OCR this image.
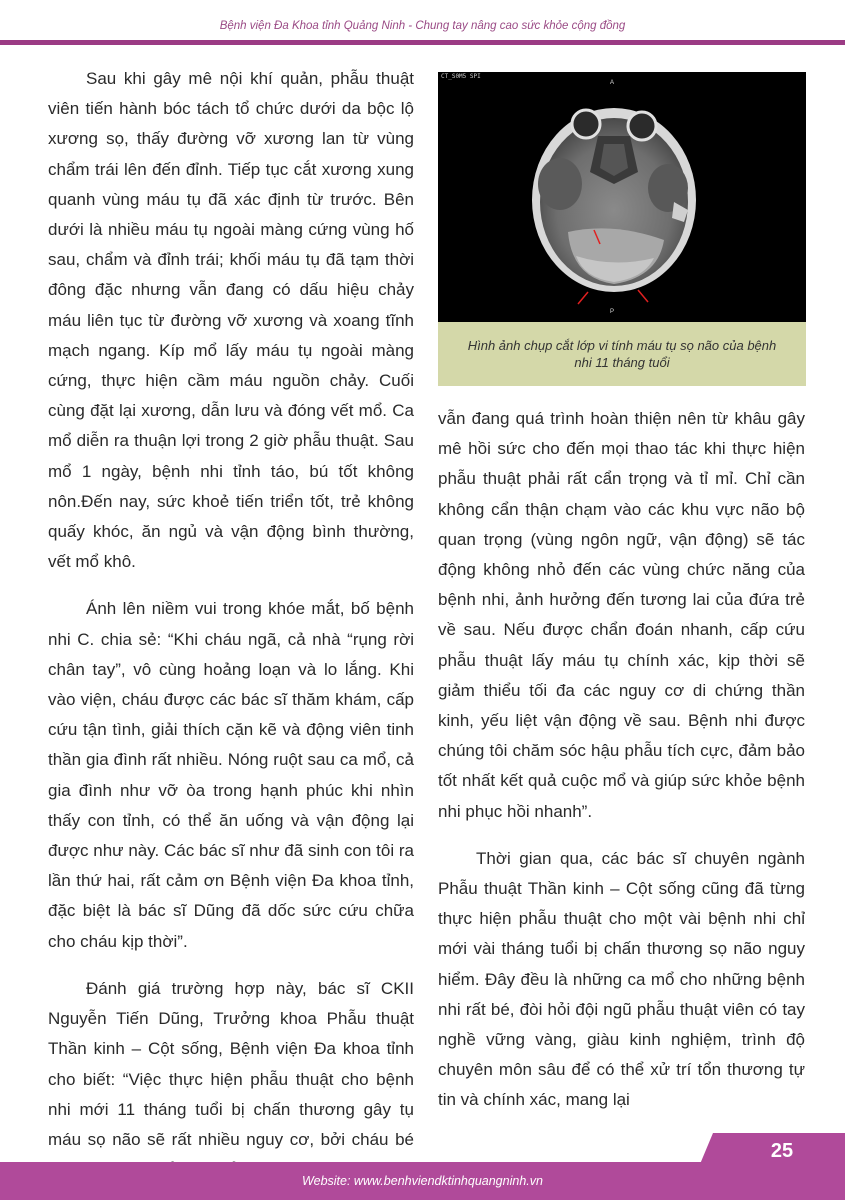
Bệnh viện Đa Khoa tỉnh Quảng Ninh - Chung tay nâng cao sức khỏe cộng đồng

Sau khi gây mê nội khí quản, phẫu thuật viên tiến hành bóc tách tổ chức dưới da bộc lộ xương sọ, thấy đường vỡ xương lan từ vùng chẩm trái lên đến đỉnh. Tiếp tục cắt xương xung quanh vùng máu tụ đã xác định từ trước. Bên dưới là nhiều máu tụ ngoài màng cứng vùng hố sau, chẩm và đỉnh trái; khối máu tụ đã tạm thời đông đặc nhưng vẫn đang có dấu hiệu chảy máu liên tục từ đường vỡ xương và xoang tĩnh mạch ngang. Kíp mổ lấy máu tụ ngoài màng cứng, thực hiện cầm máu nguồn chảy. Cuối cùng đặt lại xương, dẫn lưu và đóng vết mổ. Ca mổ diễn ra thuận lợi trong 2 giờ phẫu thuật. Sau mổ 1 ngày, bệnh nhi tỉnh táo, bú tốt không nôn.Đến nay, sức khoẻ tiến triển tốt, trẻ không quấy khóc, ăn ngủ và vận động bình thường, vết mổ khô.

Ánh lên niềm vui trong khóe mắt, bố bệnh nhi C. chia sẻ: “Khi cháu ngã, cả nhà “rụng rời chân tay”, vô cùng hoảng loạn và lo lắng. Khi vào viện, cháu được các bác sĩ thăm khám, cấp cứu tận tình, giải thích cặn kẽ và động viên tinh thần gia đình rất nhiều. Nóng ruột sau ca mổ, cả gia đình như vỡ òa trong hạnh phúc khi nhìn thấy con tỉnh, có thể ăn uống và vận động lại được như này. Các bác sĩ như đã sinh con tôi ra lần thứ hai, rất cảm ơn Bệnh viện Đa khoa tỉnh, đặc biệt là bác sĩ Dũng đã dốc sức cứu chữa cho cháu kịp thời”.

Đánh giá trường hợp này, bác sĩ CKII Nguyễn Tiến Dũng, Trưởng khoa Phẫu thuật Thần kinh – Cột sống, Bệnh viện Đa khoa tỉnh cho biết: “Việc thực hiện phẫu thuật cho bệnh nhi mới 11 tháng tuổi bị chấn thương gây tụ máu sọ não sẽ rất nhiều nguy cơ, bởi cháu bé

CT_S0M5 SPI
A
P
Hình ảnh chụp cắt lớp vi tính máu tụ sọ não của bệnh nhi 11 tháng tuổi

vẫn đang quá trình hoàn thiện nên từ khâu gây mê hồi sức cho đến mọi thao tác khi thực hiện phẫu thuật phải rất cẩn trọng và tỉ mỉ. Chỉ cần không cẩn thận chạm vào các khu vực não bộ quan trọng (vùng ngôn ngữ, vận động) sẽ tác động không nhỏ đến các vùng chức năng của bệnh nhi, ảnh hưởng đến tương lai của đứa trẻ về sau. Nếu được chẩn đoán nhanh, cấp cứu phẫu thuật lấy máu tụ chính xác, kịp thời sẽ giảm thiểu tối đa các nguy cơ di chứng thần kinh, yếu liệt vận động về sau. Bệnh nhi được chúng tôi chăm sóc hậu phẫu tích cực, đảm bảo tốt nhất kết quả cuộc mổ và giúp sức khỏe bệnh nhi phục hồi nhanh”.

Thời gian qua, các bác sĩ chuyên ngành Phẫu thuật Thần kinh – Cột sống cũng đã từng thực hiện phẫu thuật cho một vài bệnh nhi chỉ mới vài tháng tuổi bị chấn thương sọ não nguy hiểm. Đây đều là những ca mổ cho những bệnh nhi rất bé, đòi hỏi đội ngũ phẫu thuật viên có tay nghề vững vàng, giàu kinh nghiệm, trình độ chuyên môn sâu để có thể xử trí tổn thương tự tin và chính xác, mang lại

Website: www.benhviendktinhquangninh.vn
25
